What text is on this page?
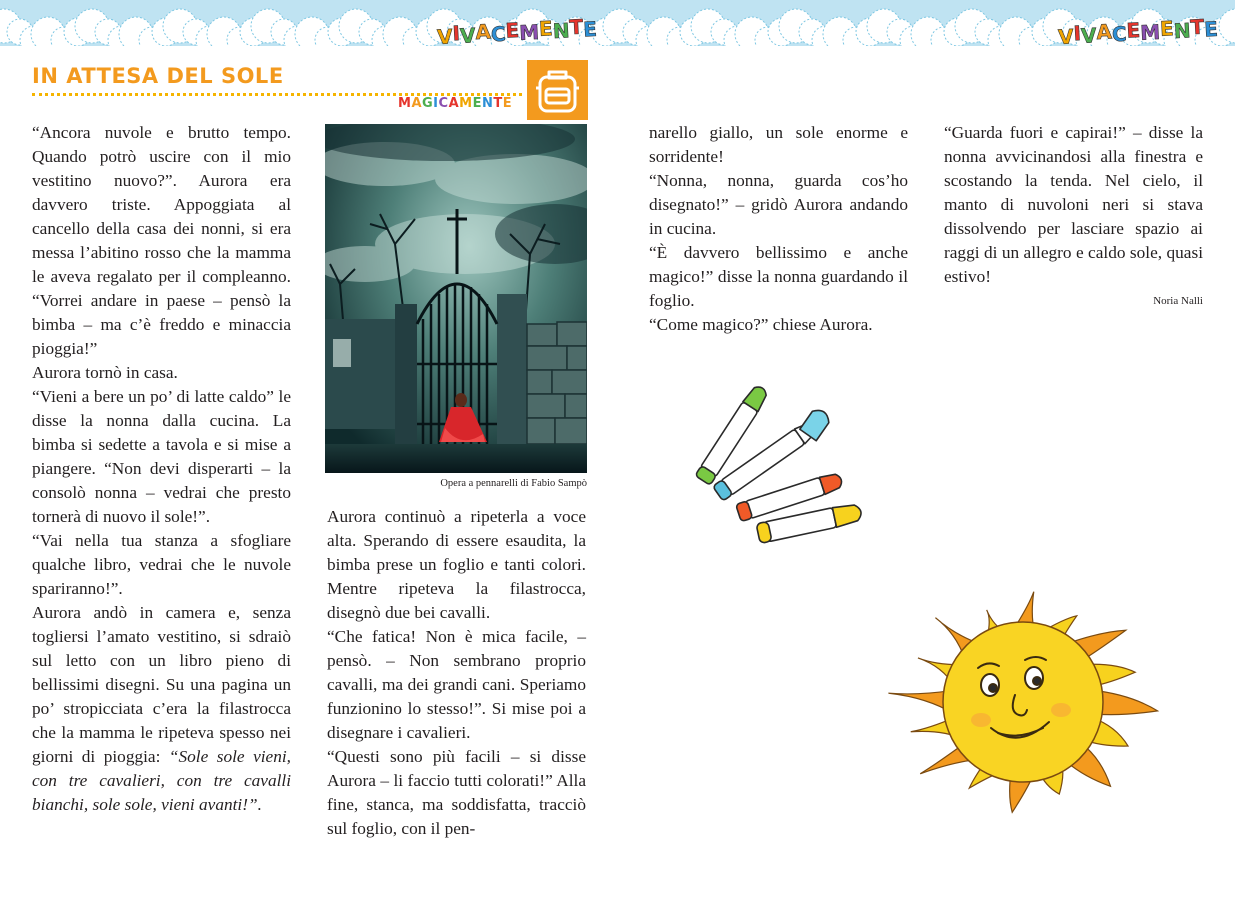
VIVACEMENTE	VIVACEMENTE
IN ATTESA DEL SOLE
MAGICAMENTE

“Ancora nuvole e brutto tempo. Quando potrò uscire con il mio vestitino nuovo?”. Aurora era davvero triste. Appoggiata al cancello della casa dei nonni, si era messa l’abitino rosso che la mamma le aveva regalato per il compleanno. “Vorrei andare in paese – pensò la bimba – ma c’è freddo e minaccia pioggia!”

Aurora tornò in casa.

“Vieni a bere un po’ di latte caldo” le disse la nonna dalla cucina. La bimba si sedette a tavola e si mise a piangere. “Non devi disperarti – la consolò nonna – vedrai che presto tornerà di nuovo il sole!”.

“Vai nella tua stanza a sfogliare qualche libro, vedrai che le nuvole spariranno!”.

Aurora andò in camera e, senza togliersi l’amato vestitino, si sdraiò sul letto con un libro pieno di bellissimi disegni. Su una pagina un po’ stropicciata c’era la filastrocca che la mamma le ripeteva spesso nei giorni di pioggia: “Sole sole vieni, con tre cavalieri, con tre cavalli bianchi, sole sole, vieni avanti!”.

Opera a pennarelli di Fabio Sampò

Aurora continuò a ripeterla a voce alta. Sperando di essere esaudita, la bimba prese un foglio e tanti colori. Mentre ripeteva la filastrocca, disegnò due bei cavalli.

“Che fatica! Non è mica facile, – pensò. – Non sembrano proprio cavalli, ma dei grandi cani. Speriamo funzionino lo stesso!”. Si mise poi a disegnare i cavalieri.

“Questi sono più facili – si disse Aurora – li faccio tutti colorati!” Alla fine, stanca, ma soddisfatta, tracciò sul foglio, con il pen-

narello giallo, un sole enorme e sorridente!

“Nonna, nonna, guarda cos’ho disegnato!” – gridò Aurora andando in cucina.

“È davvero bellissimo e anche magico!” disse la nonna guardando il foglio.

“Come magico?” chiese Aurora.

“Guarda fuori e capirai!” – disse la nonna avvicinandosi alla finestra e scostando la tenda. Nel cielo, il manto di nuvoloni neri si stava dissolvendo per lasciare spazio ai raggi di un allegro e caldo sole, quasi estivo!

Noria Nalli
